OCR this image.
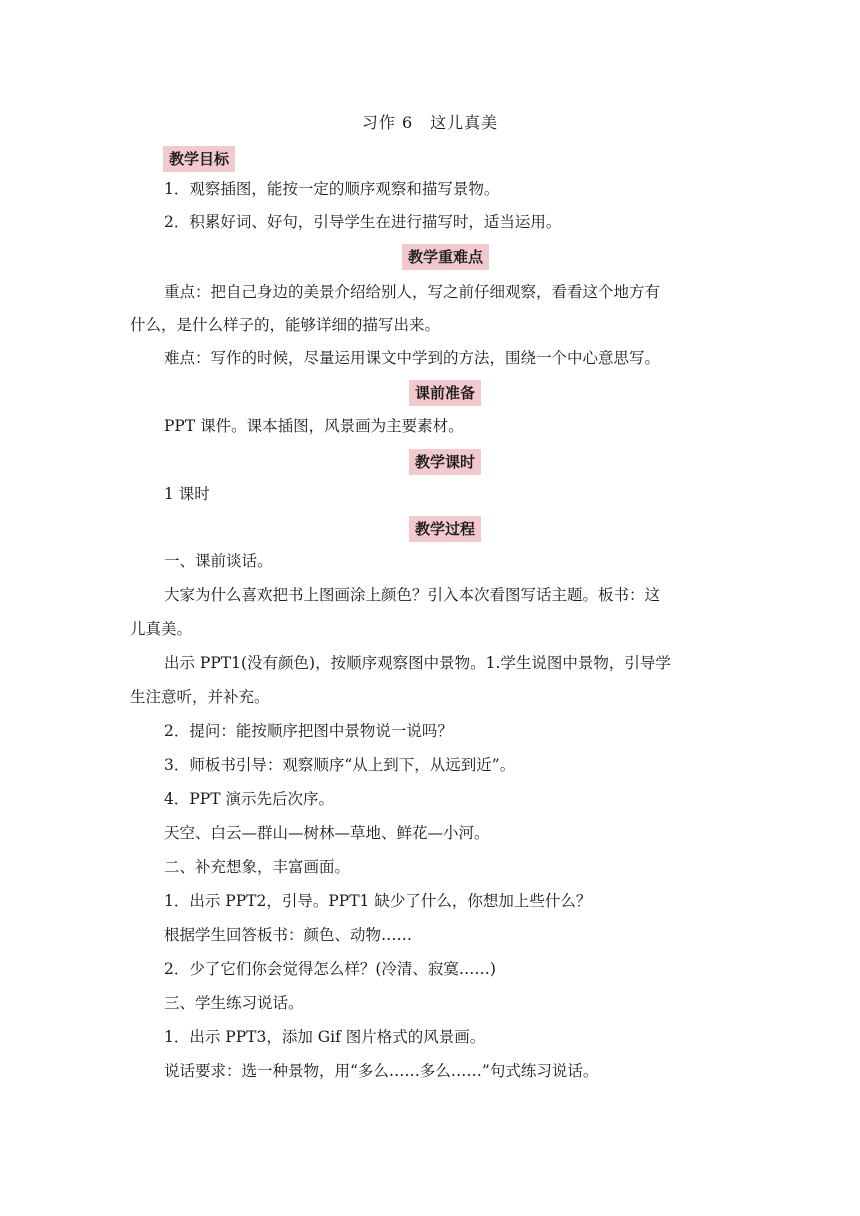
习作 6　这儿真美
教学目标
1．观察插图，能按一定的顺序观察和描写景物。
2．积累好词、好句，引导学生在进行描写时，适当运用。
教学重难点
重点：把自己身边的美景介绍给别人，写之前仔细观察，看看这个地方有
什么，是什么样子的，能够详细的描写出来。
难点：写作的时候，尽量运用课文中学到的方法，围绕一个中心意思写。
课前准备
PPT 课件。课本插图，风景画为主要素材。
教学课时
1 课时
教学过程
一、课前谈话。
大家为什么喜欢把书上图画涂上颜色？引入本次看图写话主题。板书：这
儿真美。
出示 PPT1(没有颜色)，按顺序观察图中景物。1.学生说图中景物，引导学
生注意听，并补充。
2．提问：能按顺序把图中景物说一说吗？
3．师板书引导：观察顺序“从上到下，从远到近”。
4．PPT 演示先后次序。
天空、白云—群山—树林—草地、鲜花—小河。
二、补充想象，丰富画面。
1．出示 PPT2，引导。PPT1 缺少了什么，你想加上些什么？
根据学生回答板书：颜色、动物……
2．少了它们你会觉得怎么样？(冷清、寂寞……)
三、学生练习说话。
1．出示 PPT3，添加 Gif 图片格式的风景画。
说话要求：选一种景物，用“多么……多么……”句式练习说话。
